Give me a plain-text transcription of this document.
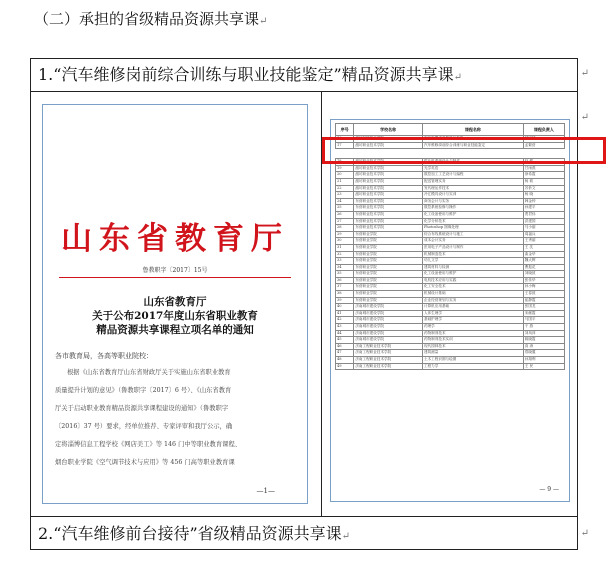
（二）承担的省级精品资源共享课↵
1.“汽车维修岗前综合训练与职业技能鉴定”精品资源共享课↵
2.“汽车维修前台接待”省级精品资源共享课↵
↵
↵
↵
山东省教育厅
鲁教职字〔2017〕15号
山东省教育厅
关于公布2017年度山东省职业教育
精品资源共享课程立项名单的通知
各市教育局，各高等职业院校：
根据《山东省教育厅山东省财政厅关于实施山东省职业教育
质量提升计划的意见》（鲁教职字〔2017〕6 号）、《山东省教育
厅关于启动职业教育精品资源共享课程建设的通知》（鲁教职字
〔2016〕37 号）要求，经单位推荐、专家评审和我厅公示，确
定将淄博信息工程学校《网店美工》等 146 门中等职业教育课程、
烟台职业学院《空气调节技术与应用》等 456 门高等职业教育课
—1—
序号	学校名称	课程名称	课程负责人
16	潍坊科技职业学院	汽车电器设备构造与检修	刘宗敏
17	潍坊职业技术学院	汽车维修岗前综合训练与职业技能鉴定	孟繁营

18	潍坊职业技术学院	烘片机系统设计与制作	赵 健
19	潍坊职业技术学院	光学英语	甘雨燕
20	潍坊职业技术学院	数控加工工艺设计与编程	徐希霞
21	潍坊职业技术学院	配送管理实务	杨 莉
22	潍坊职业技术学院	发代理运作技术	苏忻文
23	潍坊职业技术学院	冷汇模具设计与实训	杨 晓
24	东营职业技术学院	商务会计与实务	韩金钟
25	东营职业技术学院	数控系统检修与操作	孙建平
26	东营职业技术学院	化工设备使用与维护	贾君伟
27	东营职业技术学院	化学分析技术	洪建国
28	东营职业技术学院	Photoshop 图像处理	马小丽
29	东营职业学院	综合布线系统设计与施工	周福兵
30	东营职业学院	成本会计实务	王秀丽
31	东营职业学院	医用电子产品设计与制作	王 沈
32	东营职业学院	机械制造技术	曲金华
33	东营职业学院	幼儿文学	魏大辉
34	东营职业学院	建筑材料与检测	曹振花
35	东营职业学院	化工设备使用与维护	刘晓波
36	东营职业学院	电机技术应用与实践	张传华
37	东营职业学院	化工安全技术	孙小梅
38	东营职业学院	机械设计基础	王春波
39	东营职业学院	企业经营规划与实务	崔静霞
40	济南城市建设学院	计算机应用基础	张国龙
41	济南城市建设学院	人体生理学	宋献霞
42	济南城市建设学院	基础护理学	马国平
43	济南城市建设学院	药理学	于 燕
44	济南城市建设学院	药物制剂技术	刘凤萍
45	济南城市建设学院	药物制剂技术实训	姚晓霞
46	济南工程职业技术学院	现代园林技术	高 涛
47	济南工程职业技术学院	建筑测量	郑晓蕙
48	济南工程职业技术学院	土木工程识图与绘图	孙翔利
49	济南工程职业技术学院	工程力学	王 民
— 9 —
